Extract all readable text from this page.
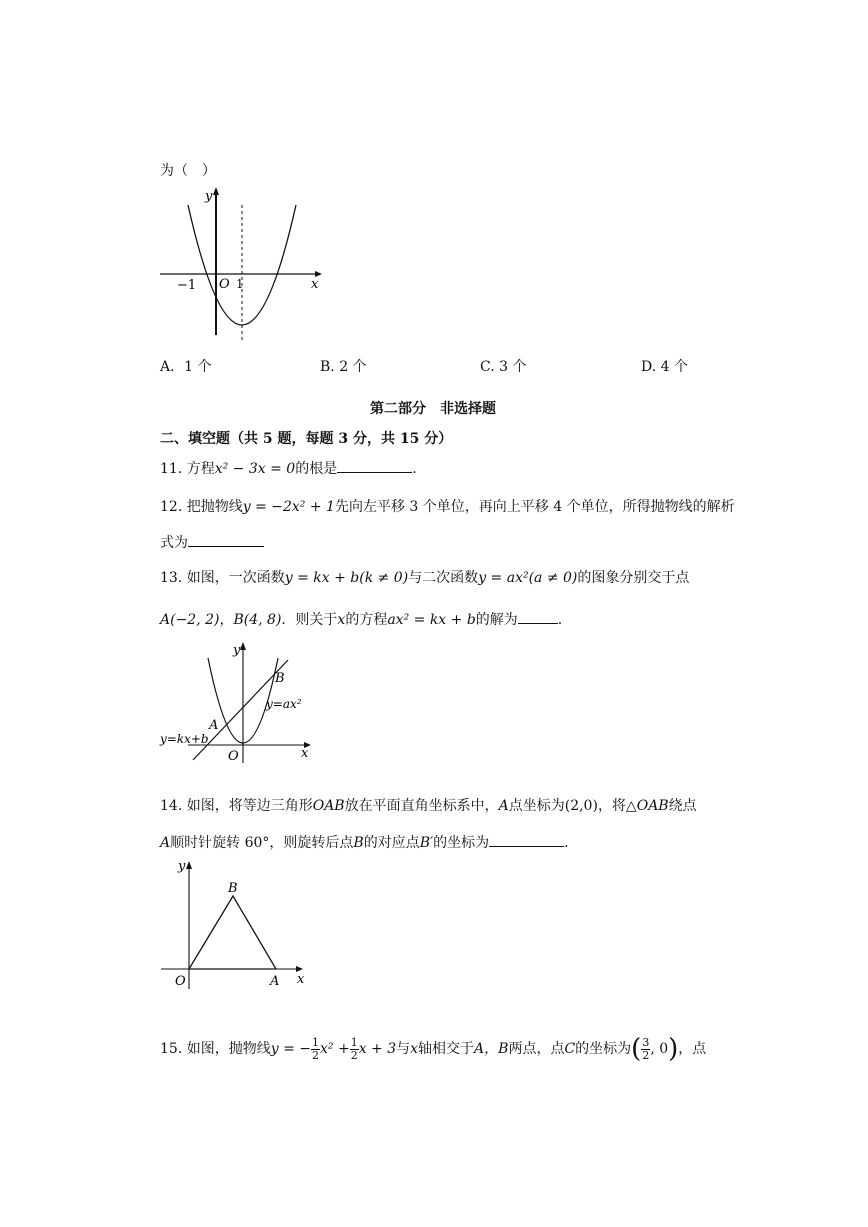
为（　）
y
x
O
−1	1
A．1 个	B. 2 个	C. 3 个	D. 4 个
第二部分　非选择题
二、填空题（共 5 题，每题 3 分，共 15 分）
11. 方程x² − 3x = 0的根是	.
12. 把抛物线y = −2x² + 1先向左平移 3 个单位，再向上平移 4 个单位，所得抛物线的解析
式为
13. 如图，一次函数y = kx + b(k ≠ 0)与二次函数y = ax²(a ≠ 0)的图象分别交于点
A(−2, 2)，B(4, 8)．则关于x的方程ax² = kx + b的解为	.
y
x
O
A
B
y=ax²
y=kx+b
14. 如图，将等边三角形OAB放在平面直角坐标系中，A点坐标为(2,0)，将△OAB绕点
A顺时针旋转 60°，则旋转后点B的对应点B′的坐标为	.
y
x
O	A
B
15. 如图，抛物线y = − $\frac{1}{2} x^2 + \frac{1}{2}$ x + 3与x轴相交于A，B两点，点C的坐标为( $\frac{3}{2}$ , 0)，点
